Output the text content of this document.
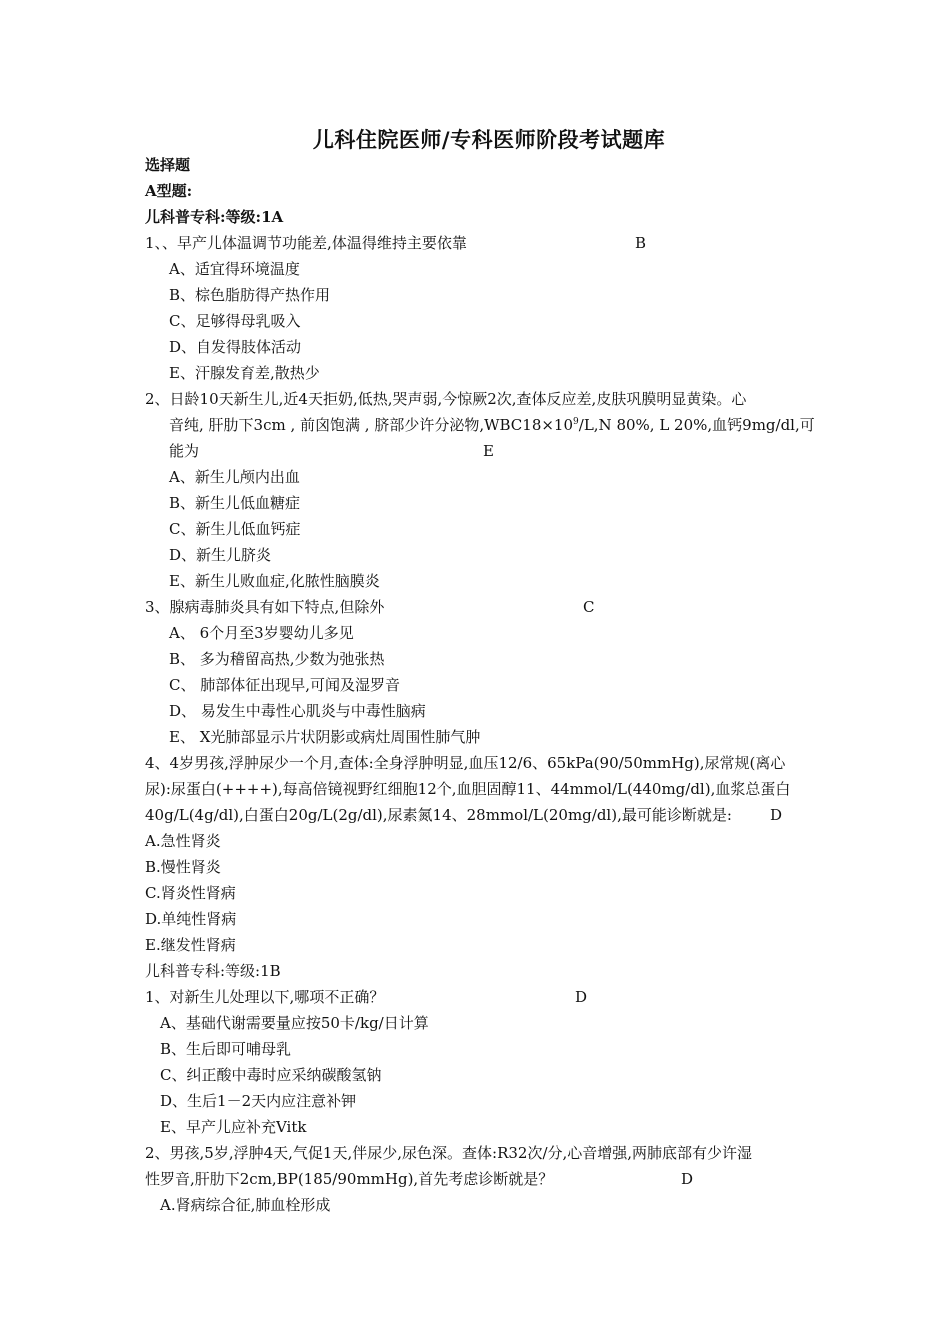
儿科住院医师/专科医师阶段考试题库
选择题
A型题:
儿科普专科:等级:1A
1、、早产儿体温调节功能差,体温得维持主要依靠	B
A、适宜得环境温度
B、棕色脂肪得产热作用
C、足够得母乳吸入
D、自发得肢体活动
E、汗腺发育差,散热少
2、日龄10天新生儿,近4天拒奶,低热,哭声弱,今惊厥2次,查体反应差,皮肤巩膜明显黄染。心
音纯, 肝肋下3cm , 前囟饱满 , 脐部少许分泌物$,WBC18\times 10^9/L,N$ 80%, L 20%,血钙9mg/dl,可
能为	E
A、新生儿颅内出血
B、新生儿低血糖症
C、新生儿低血钙症
D、新生儿脐炎
E、新生儿败血症,化脓性脑膜炎
3、腺病毒肺炎具有如下特点,但除外	C
A、 6个月至3岁婴幼儿多见
B、 多为稽留高热,少数为弛张热
C、 肺部体征出现早,可闻及湿罗音
D、 易发生中毒性心肌炎与中毒性脑病
E、 X光肺部显示片状阴影或病灶周围性肺气肿
4、4岁男孩,浮肿尿少一个月,查体:全身浮肿明显,血压12/6、65kPa(90/50mmHg),尿常规(离心
尿):尿蛋白(++++),每高倍镜视野红细胞12个,血胆固醇11、44mmol/L(440mg/dl),血浆总蛋白
40g/L(4g/dl),白蛋白20g/L(2g/dl),尿素氮14、28mmol/L(20mg/dl),最可能诊断就是:	D
A.急性肾炎
B.慢性肾炎
C.肾炎性肾病
D.单纯性肾病
E.继发性肾病
儿科普专科:等级:1B
1、对新生儿处理以下,哪项不正确？	D
A、基础代谢需要量应按50卡/kg/日计算
B、生后即可哺母乳
C、纠正酸中毒时应采纳碳酸氢钠
D、生后1－2天内应注意补钾
E、早产儿应补充Vitk
2、男孩,5岁,浮肿4天,气促1天,伴尿少,尿色深。查体:R32次/分,心音增强,两肺底部有少许湿
性罗音,肝肋下2cm,BP(185/90mmHg),首先考虑诊断就是？	D
A.肾病综合征,肺血栓形成
